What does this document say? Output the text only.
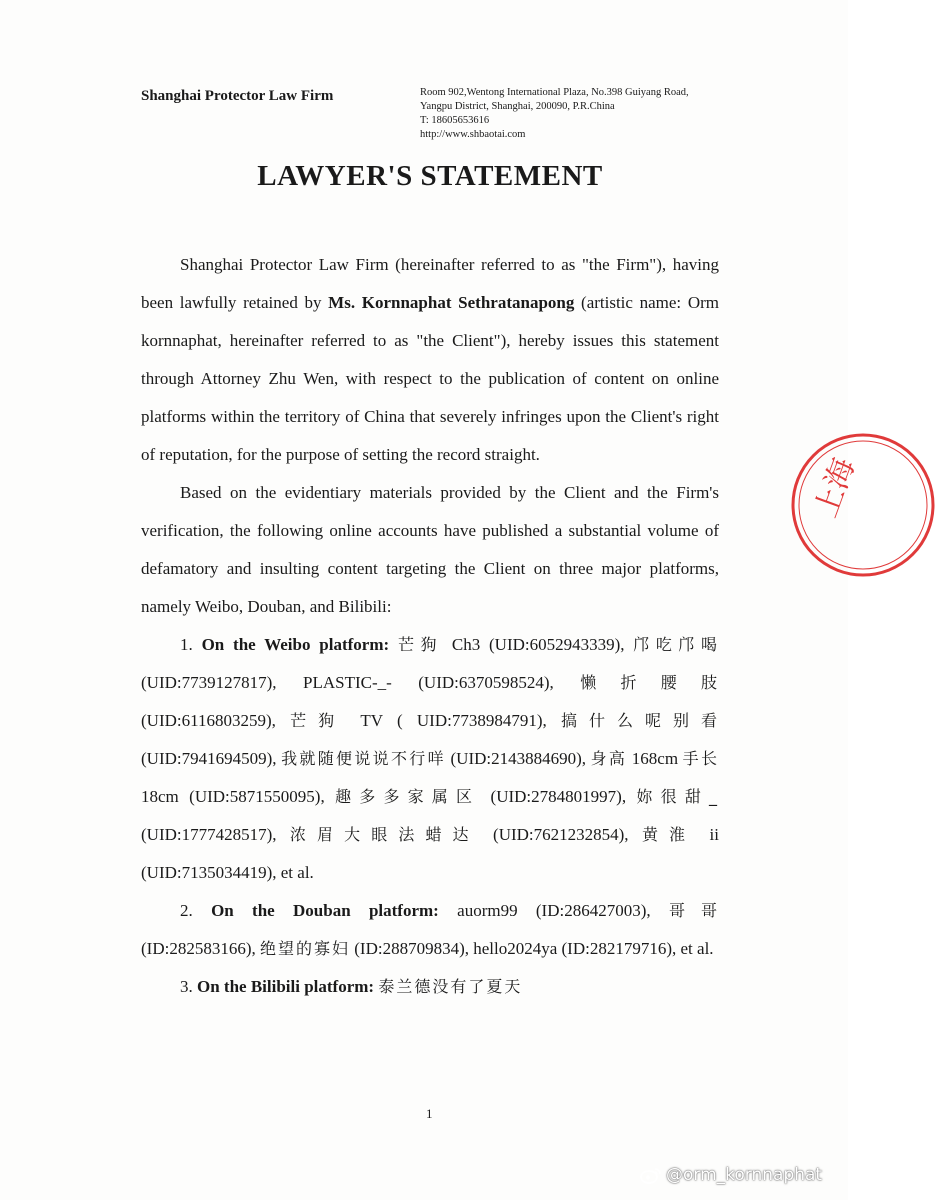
Shanghai Protector Law Firm	Room 902,Wentong International Plaza, No.398 Guiyang Road,
Yangpu District, Shanghai, 200090, P.R.China
T: 18605653616
http://www.shbaotai.com
LAWYER'S STATEMENT

Shanghai Protector Law Firm (hereinafter referred to as "the Firm"), having been lawfully retained by Ms. Kornnaphat Sethratanapong (artistic name: Orm kornnaphat, hereinafter referred to as "the Client"), hereby issues this statement through Attorney Zhu Wen, with respect to the publication of content on online platforms within the territory of China that severely infringes upon the Client's right of reputation, for the purpose of setting the record straight.

Based on the evidentiary materials provided by the Client and the Firm's verification, the following online accounts have published a substantial volume of defamatory and insulting content targeting the Client on three major platforms, namely Weibo, Douban, and Bilibili:

1. On the Weibo platform: 芒狗 Ch3 (UID:6052943339), 邝吃邝喝 (UID:7739127817), PLASTIC-_- (UID:6370598524), 懒折腰肢 (UID:6116803259), 芒狗 TV ( UID:7738984791), 搞什么呢别看 (UID:7941694509), 我就随便说说不行咩 (UID:2143884690), 身高 168cm 手长 18cm (UID:5871550095), 趣多多家属区 (UID:2784801997), 妳很甜_ (UID:1777428517), 浓眉大眼法蜡达 (UID:7621232854), 黄淮 ii (UID:7135034419), et al.

2. On the Douban platform: auorm99 (ID:286427003), 哥哥 (ID:282583166), 绝望的寡妇 (ID:288709834), hello2024ya (ID:282179716), et al.

3. On the Bilibili platform: 泰兰德没有了夏天

1
上海
@orm_kornnaphat
